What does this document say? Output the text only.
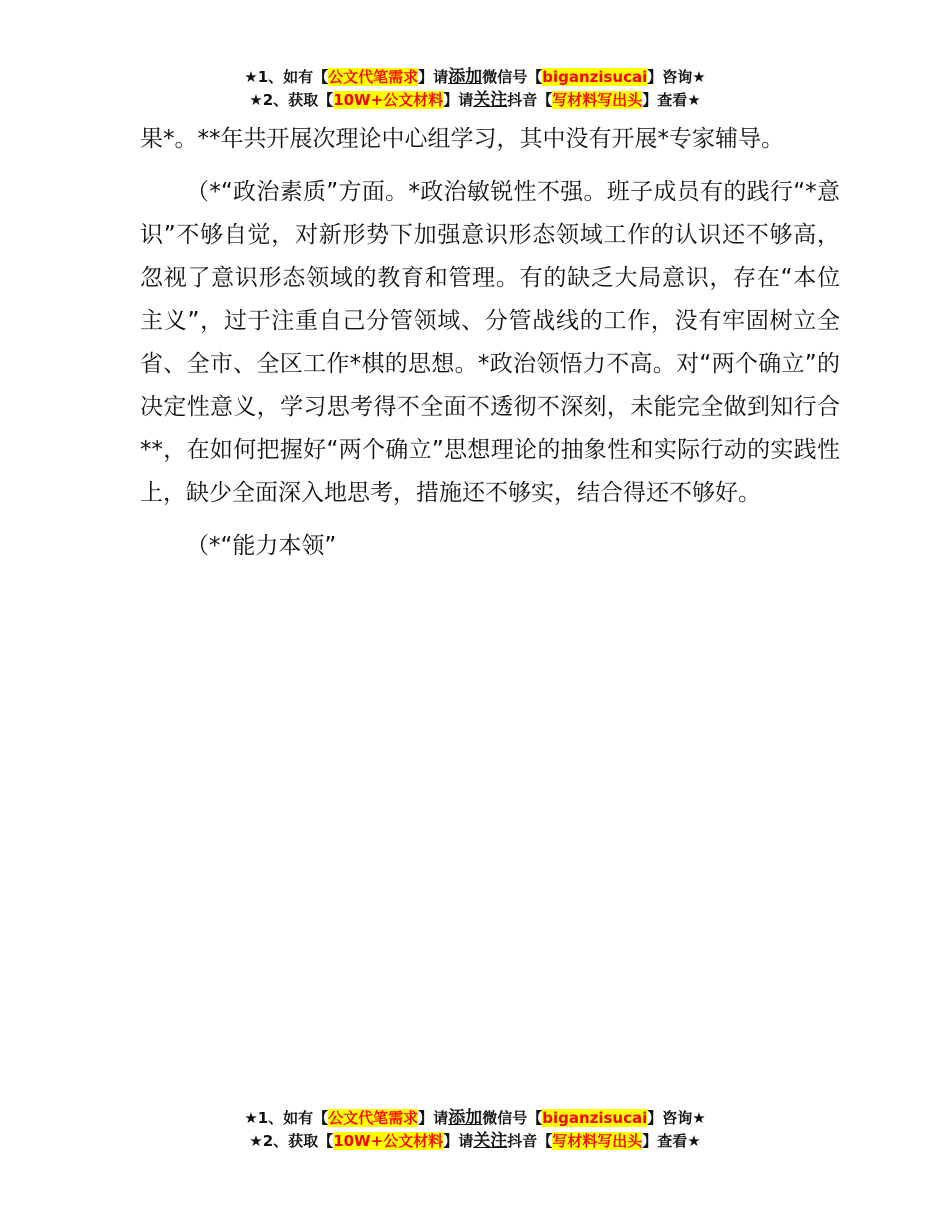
★1、如有【公文代笔需求】请添加微信号【biganzisucai】咨询★
★2、获取【10W+公文材料】请关注抖音【写材料写出头】查看★

果*。**年共开展次理论中心组学习，其中没有开展*专家辅导。

（*“政治素质”方面。*政治敏锐性不强。班子成员有的践行“*意识”不够自觉，对新形势下加强意识形态领域工作的认识还不够高，忽视了意识形态领域的教育和管理。有的缺乏大局意识，存在“本位主义”，过于注重自己分管领域、分管战线的工作，没有牢固树立全省、全市、全区工作*棋的思想。*政治领悟力不高。对“两个确立”的决定性意义，学习思考得不全面不透彻不深刻，未能完全做到知行合**，在如何把握好“两个确立”思想理论的抽象性和实际行动的实践性上，缺少全面深入地思考，措施还不够实，结合得还不够好。

（*“能力本领”

★1、如有【公文代笔需求】请添加微信号【biganzisucai】咨询★
★2、获取【10W+公文材料】请关注抖音【写材料写出头】查看★
